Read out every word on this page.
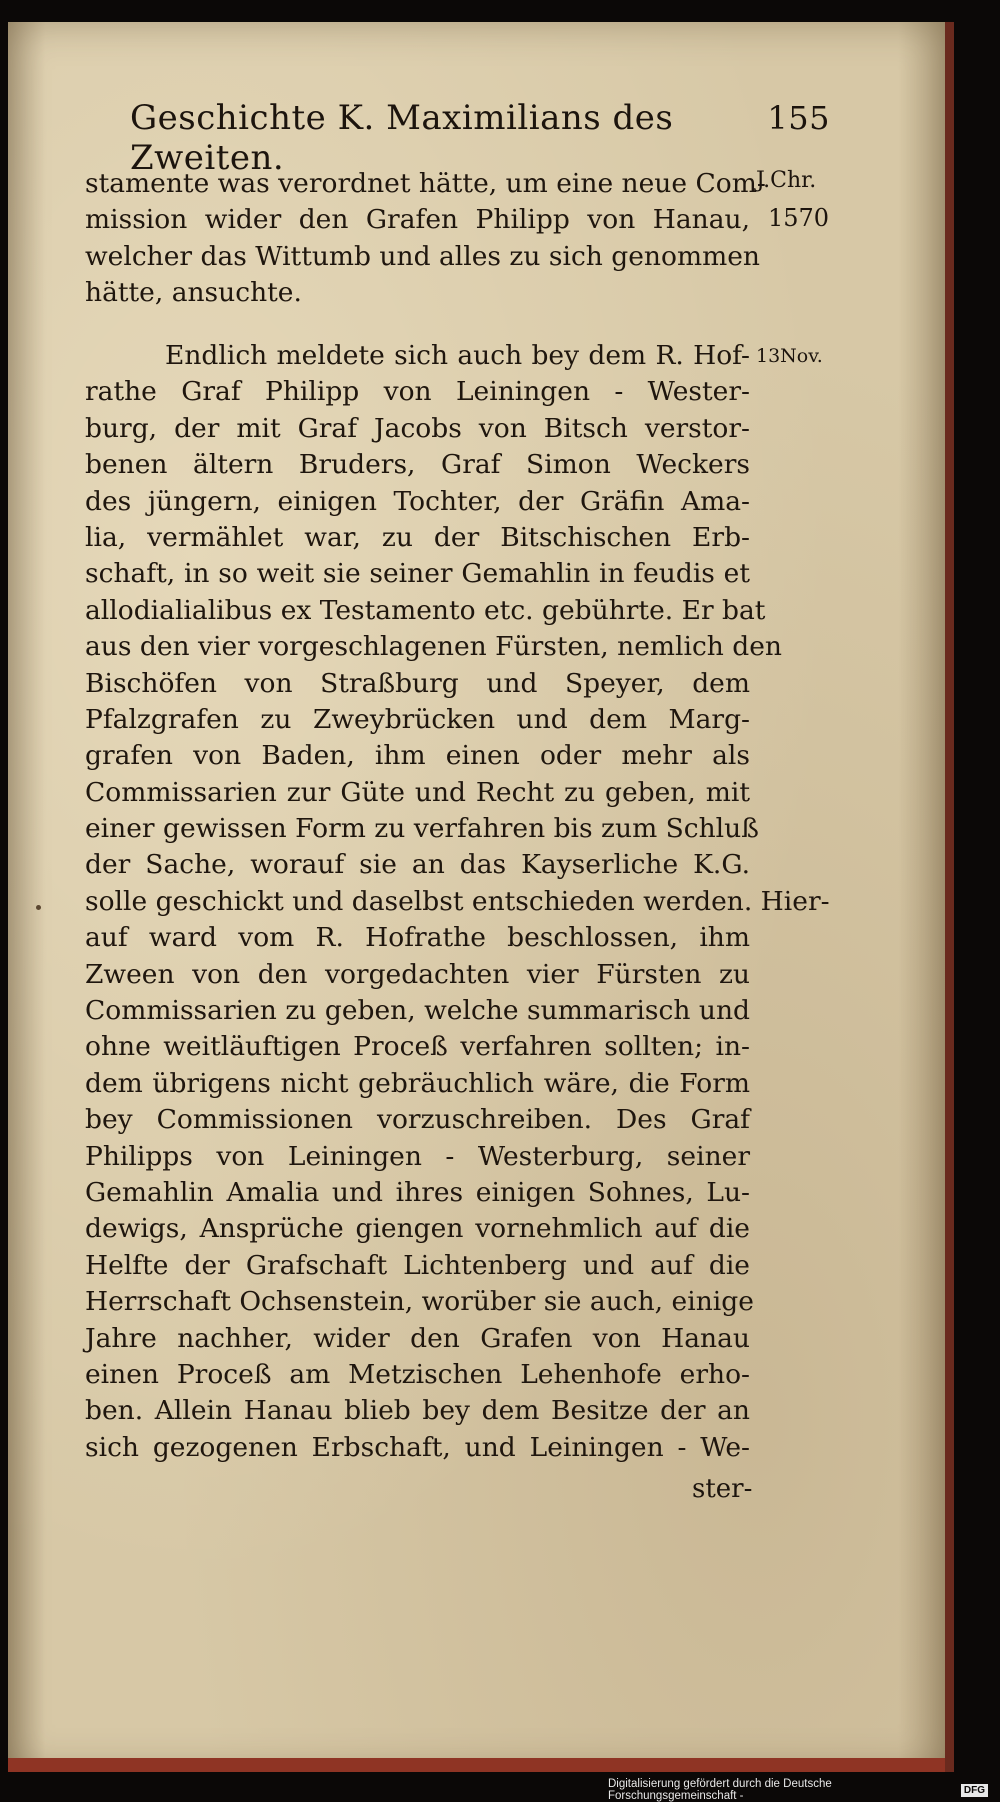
Geschichte K. Maximilians des Zweiten.
155
J.Chr.
1570
13Nov.
stamente was verordnet hätte, um eine neue Com-
mission wider den Grafen Philipp von Hanau,
welcher das Wittumb und alles zu sich genommen
hätte, ansuchte.
Endlich meldete sich auch bey dem R. Hof-
rathe Graf Philipp von Leiningen - Wester-
burg, der mit Graf Jacobs von Bitsch verstor-
benen ältern Bruders, Graf Simon Weckers
des jüngern, einigen Tochter, der Gräfin Ama-
lia, vermählet war, zu der Bitschischen Erb-
schaft, in so weit sie seiner Gemahlin in feudis et
allodialialibus ex Testamento etc. gebührte. Er bat
aus den vier vorgeschlagenen Fürsten, nemlich den
Bischöfen von Straßburg und Speyer, dem
Pfalzgrafen zu Zweybrücken und dem Marg-
grafen von Baden, ihm einen oder mehr als
Commissarien zur Güte und Recht zu geben, mit
einer gewissen Form zu verfahren bis zum Schluß
der Sache, worauf sie an das Kayserliche K.G.
solle geschickt und daselbst entschieden werden. Hier-
auf ward vom R. Hofrathe beschlossen, ihm
Zween von den vorgedachten vier Fürsten zu
Commissarien zu geben, welche summarisch und
ohne weitläuftigen Proceß verfahren sollten; in-
dem übrigens nicht gebräuchlich wäre, die Form
bey Commissionen vorzuschreiben. Des Graf
Philipps von Leiningen - Westerburg, seiner
Gemahlin Amalia und ihres einigen Sohnes, Lu-
dewigs, Ansprüche giengen vornehmlich auf die
Helfte der Grafschaft Lichtenberg und auf die
Herrschaft Ochsenstein, worüber sie auch, einige
Jahre nachher, wider den Grafen von Hanau
einen Proceß am Metzischen Lehenhofe erho-
ben. Allein Hanau blieb bey dem Besitze der an
sich gezogenen Erbschaft, und Leiningen - We-
ster-
Digitalisierung gefördert durch die Deutsche Forschungsgemeinschaft -	DFG
